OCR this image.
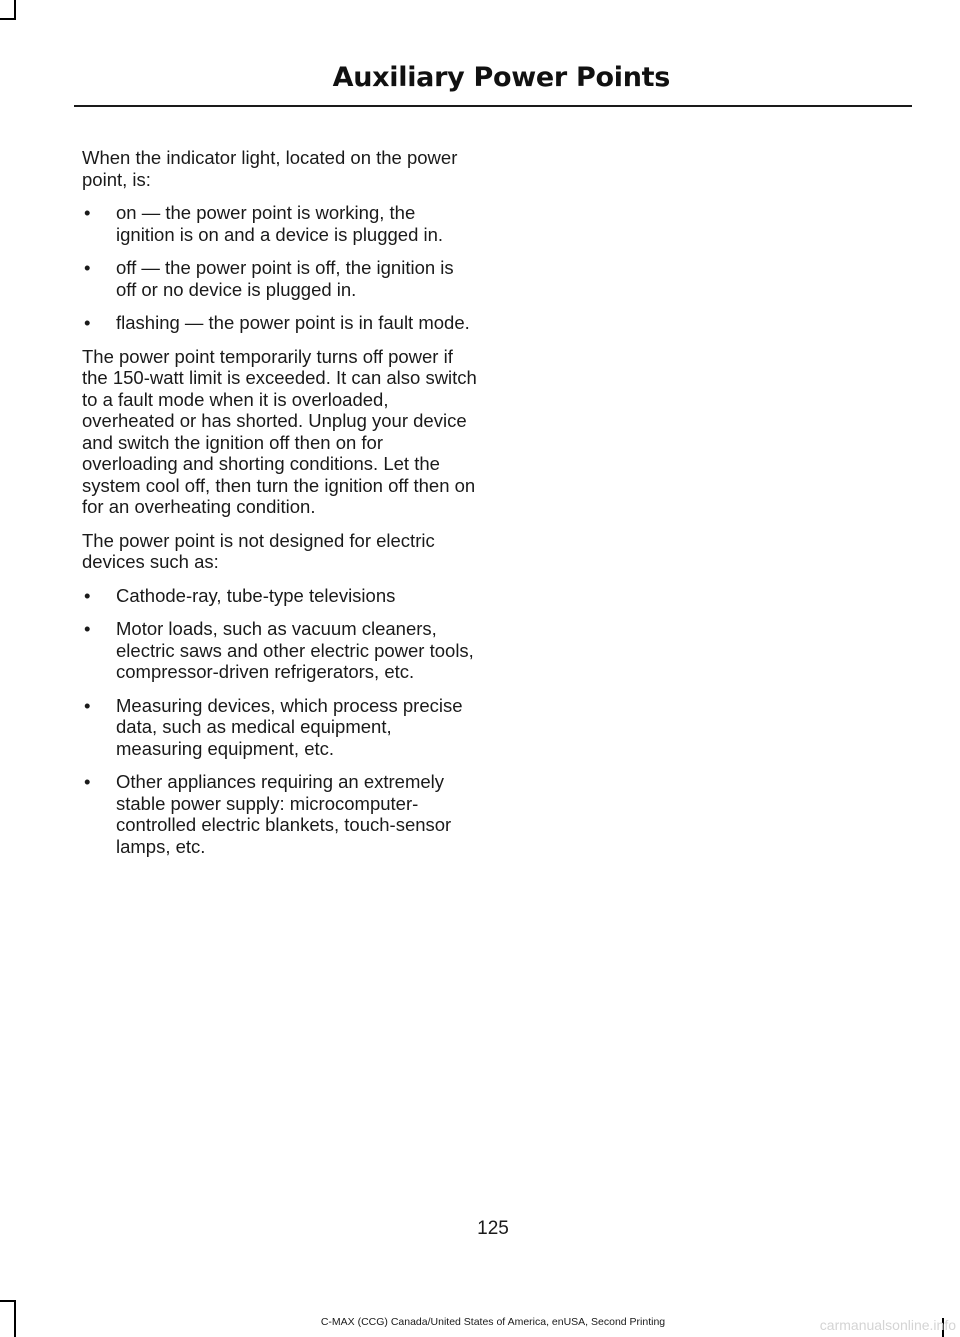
Auxiliary Power Points

When the indicator light, located on the power point, is:

• on — the power point is working, the ignition is on and a device is plugged in.
• off — the power point is off, the ignition is off or no device is plugged in.
• flashing — the power point is in fault mode.

The power point temporarily turns off power if the 150-watt limit is exceeded. It can also switch to a fault mode when it is overloaded, overheated or has shorted. Unplug your device and switch the ignition off then on for overloading and shorting conditions. Let the system cool off, then turn the ignition off then on for an overheating condition.

The power point is not designed for electric devices such as:

• Cathode-ray, tube-type televisions
• Motor loads, such as vacuum cleaners, electric saws and other electric power tools, compressor-driven refrigerators, etc.
• Measuring devices, which process precise data, such as medical equipment, measuring equipment, etc.
• Other appliances requiring an extremely stable power supply: microcomputer-controlled electric blankets, touch-sensor lamps, etc.
125
C-MAX (CCG) Canada/United States of America, enUSA, Second Printing	carmanualsonline.info
